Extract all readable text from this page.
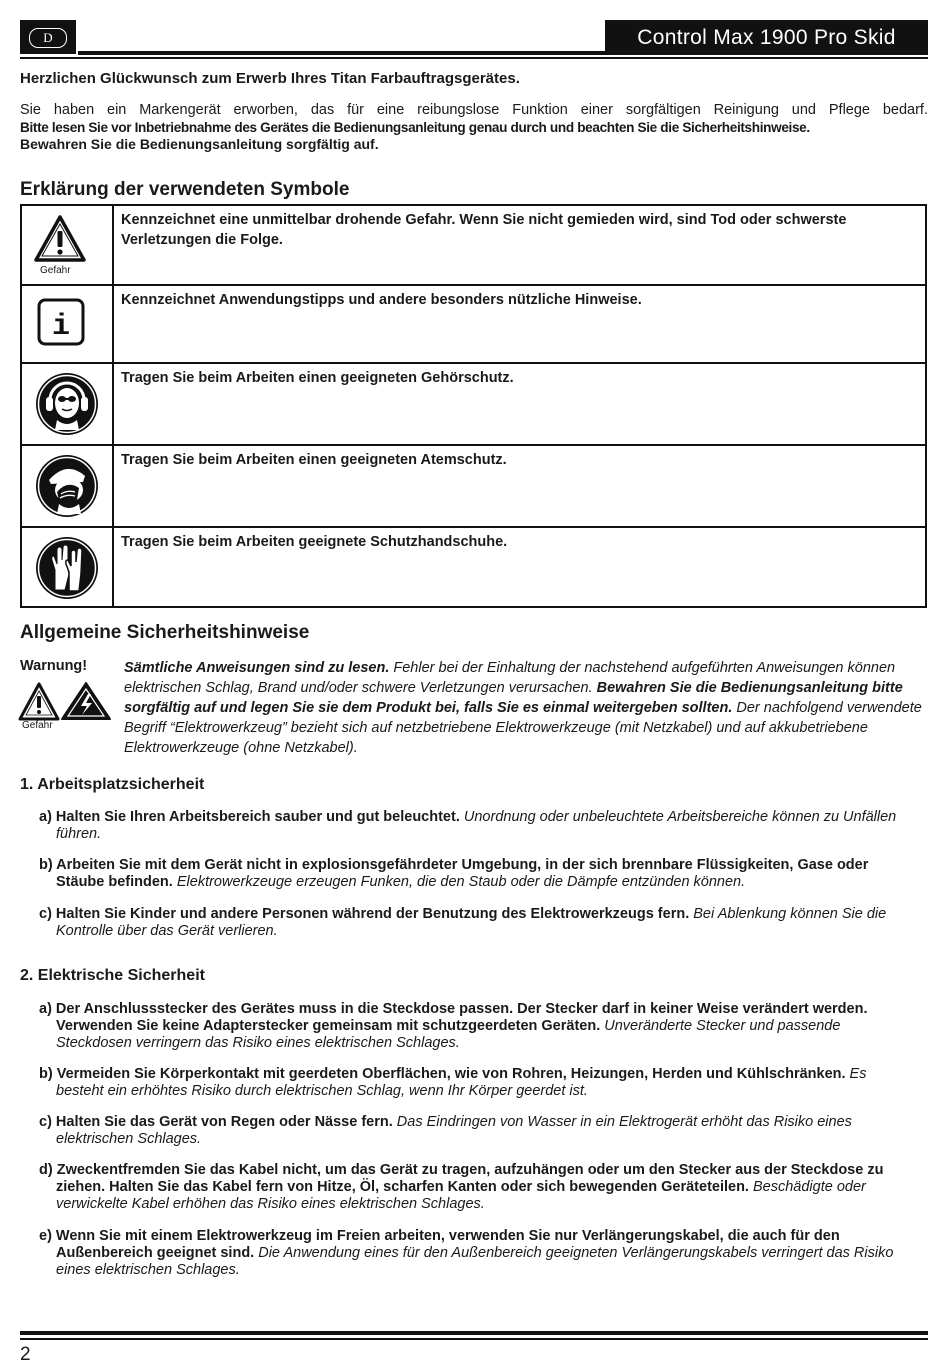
D	Control Max 1900 Pro Skid
Herzlichen Glückwunsch zum Erwerb Ihres Titan Farbauftragsgerätes.

Sie haben ein Markengerät erworben, das für eine reibungslose Funktion einer sorgfältigen Reinigung und Pflege bedarf.

Bitte lesen Sie vor Inbetriebnahme des Gerätes die Bedienungsanleitung genau durch und beachten Sie die Sicherheitshinweise.

Bewahren Sie die Bedienungsanleitung sorgfältig auf.

Erklärung der verwendeten Symbole
Gefahr	Kennzeichnet eine unmittelbar drohende Gefahr. Wenn Sie nicht gemieden wird, sind Tod oder schwerste Verletzungen die Folge.

i	Kennzeichnet Anwendungstipps und andere besonders nützliche Hinweise.

	Tragen Sie beim Arbeiten einen geeigneten Gehörschutz.

	Tragen Sie beim Arbeiten einen geeigneten Atemschutz.

	Tragen Sie beim Arbeiten geeignete Schutzhandschuhe.
Allgemeine Sicherheitshinweise
Warnung!
Gefahr
Sämtliche Anweisungen sind zu lesen. Fehler bei der Einhaltung der nachstehend aufgeführten Anweisungen können elektrischen Schlag, Brand und/oder schwere Verletzungen verursachen. Bewahren Sie die Bedienungsanleitung bitte sorgfältig auf und legen Sie sie dem Produkt bei, falls Sie es einmal weitergeben sollten. Der nachfolgend verwendete Begriff “Elektrowerkzeug” bezieht sich auf netzbetriebene Elektrowerkzeuge (mit Netzkabel) und auf akkubetriebene Elektrowerkzeuge (ohne Netzkabel).
1. Arbeitsplatzsicherheit
a) Halten Sie Ihren Arbeitsbereich sauber und gut beleuchtet. Unordnung oder unbeleuchtete Arbeitsbereiche können zu Unfällen führen.
b) Arbeiten Sie mit dem Gerät nicht in explosionsgefährdeter Umgebung, in der sich brennbare Flüssigkeiten, Gase oder Stäube befinden. Elektrowerkzeuge erzeugen Funken, die den Staub oder die Dämpfe entzünden können.
c) Halten Sie Kinder und andere Personen während der Benutzung des Elektrowerkzeugs fern. Bei Ablenkung können Sie die Kontrolle über das Gerät verlieren.
2. Elektrische Sicherheit
a) Der Anschlussstecker des Gerätes muss in die Steckdose passen. Der Stecker darf in keiner Weise verändert werden. Verwenden Sie keine Adapterstecker gemeinsam mit schutzgeerdeten Geräten. Unveränderte Stecker und passende Steckdosen verringern das Risiko eines elektrischen Schlages.
b) Vermeiden Sie Körperkontakt mit geerdeten Oberflächen, wie von Rohren, Heizungen, Herden und Kühlschränken. Es besteht ein erhöhtes Risiko durch elektrischen Schlag, wenn Ihr Körper geerdet ist.
c) Halten Sie das Gerät von Regen oder Nässe fern. Das Eindringen von Wasser in ein Elektrogerät erhöht das Risiko eines elektrischen Schlages.
d) Zweckentfremden Sie das Kabel nicht, um das Gerät zu tragen, aufzuhängen oder um den Stecker aus der Steckdose zu ziehen. Halten Sie das Kabel fern von Hitze, Öl, scharfen Kanten oder sich bewegenden Geräteteilen. Beschädigte oder verwickelte Kabel erhöhen das Risiko eines elektrischen Schlages.
e) Wenn Sie mit einem Elektrowerkzeug im Freien arbeiten, verwenden Sie nur Verlängerungskabel, die auch für den Außenbereich geeignet sind. Die Anwendung eines für den Außenbereich geeigneten Verlängerungskabels verringert das Risiko eines elektrischen Schlages.
2
